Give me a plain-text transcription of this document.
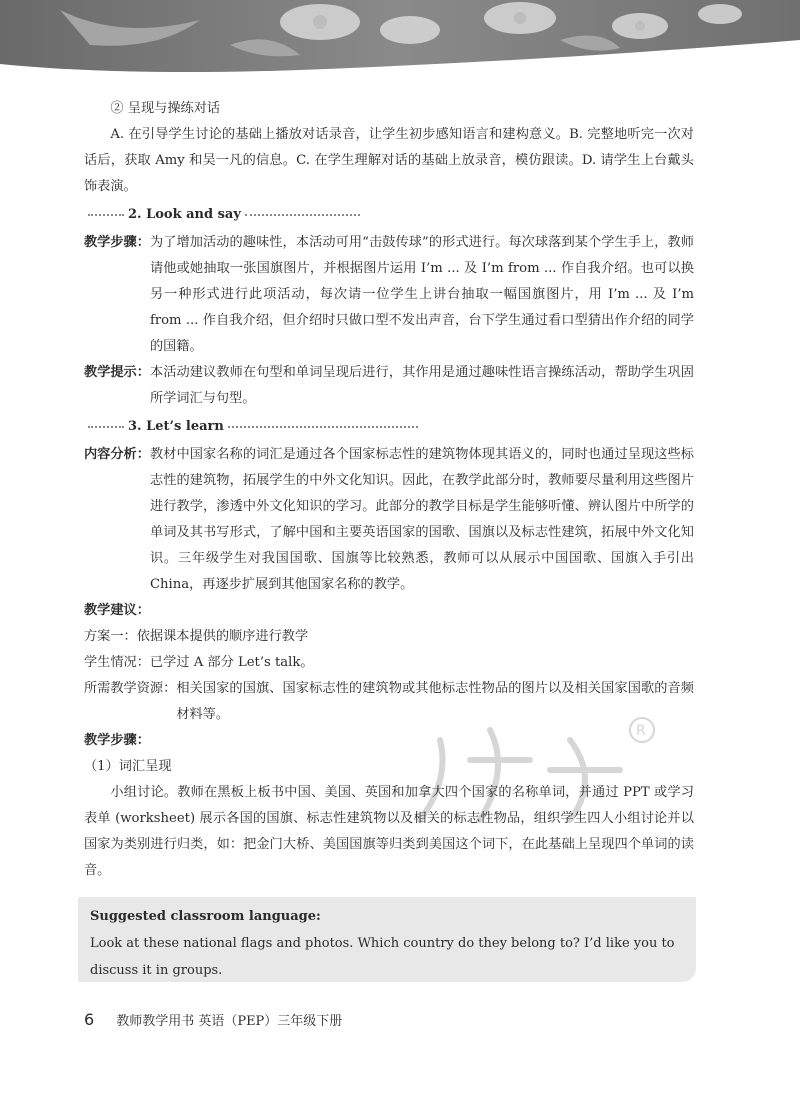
R

② 呈现与操练对话

A. 在引导学生讨论的基础上播放对话录音，让学生初步感知语言和建构意义。B. 完整地听完一次对话后，获取 Amy 和吴一凡的信息。C. 在学生理解对话的基础上放录音，模仿跟读。D. 请学生上台戴头饰表演。

2. Look and say
教学步骤： 为了增加活动的趣味性，本活动可用“击鼓传球”的形式进行。每次球落到某个学生手上，教师请他或她抽取一张国旗图片，并根据图片运用 I’m ... 及 I’m from ... 作自我介绍。也可以换另一种形式进行此项活动，每次请一位学生上讲台抽取一幅国旗图片，用 I’m ... 及 I’m from ... 作自我介绍，但介绍时只做口型不发出声音，台下学生通过看口型猜出作介绍的同学的国籍。
教学提示： 本活动建议教师在句型和单词呈现后进行，其作用是通过趣味性语言操练活动，帮助学生巩固所学词汇与句型。
3. Let’s learn
内容分析： 教材中国家名称的词汇是通过各个国家标志性的建筑物体现其语义的，同时也通过呈现这些标志性的建筑物，拓展学生的中外文化知识。因此，在教学此部分时，教师要尽量利用这些图片进行教学，渗透中外文化知识的学习。此部分的教学目标是学生能够听懂、辨认图片中所学的单词及其书写形式，了解中国和主要英语国家的国歌、国旗以及标志性建筑，拓展中外文化知识。三年级学生对我国国歌、国旗等比较熟悉，教师可以从展示中国国歌、国旗入手引出 China，再逐步扩展到其他国家名称的教学。

教学建议：

方案一：依据课本提供的顺序进行教学

学生情况：已学过 A 部分 Let’s talk。

所需教学资源： 相关国家的国旗、国家标志性的建筑物或其他标志性物品的图片以及相关国家国歌的音频材料等。

教学步骤：

（1）词汇呈现

小组讨论。教师在黑板上板书中国、美国、英国和加拿大四个国家的名称单词，并通过 PPT 或学习表单 (worksheet) 展示各国的国旗、标志性建筑物以及相关的标志性物品，组织学生四人小组讨论并以国家为类别进行归类，如：把金门大桥、美国国旗等归类到美国这个词下，在此基础上呈现四个单词的读音。

Suggested classroom language:
Look at these national flags and photos. Which country do they belong to? I’d like you to discuss it in groups.
6 教师教学用书 英语（PEP）三年级下册
